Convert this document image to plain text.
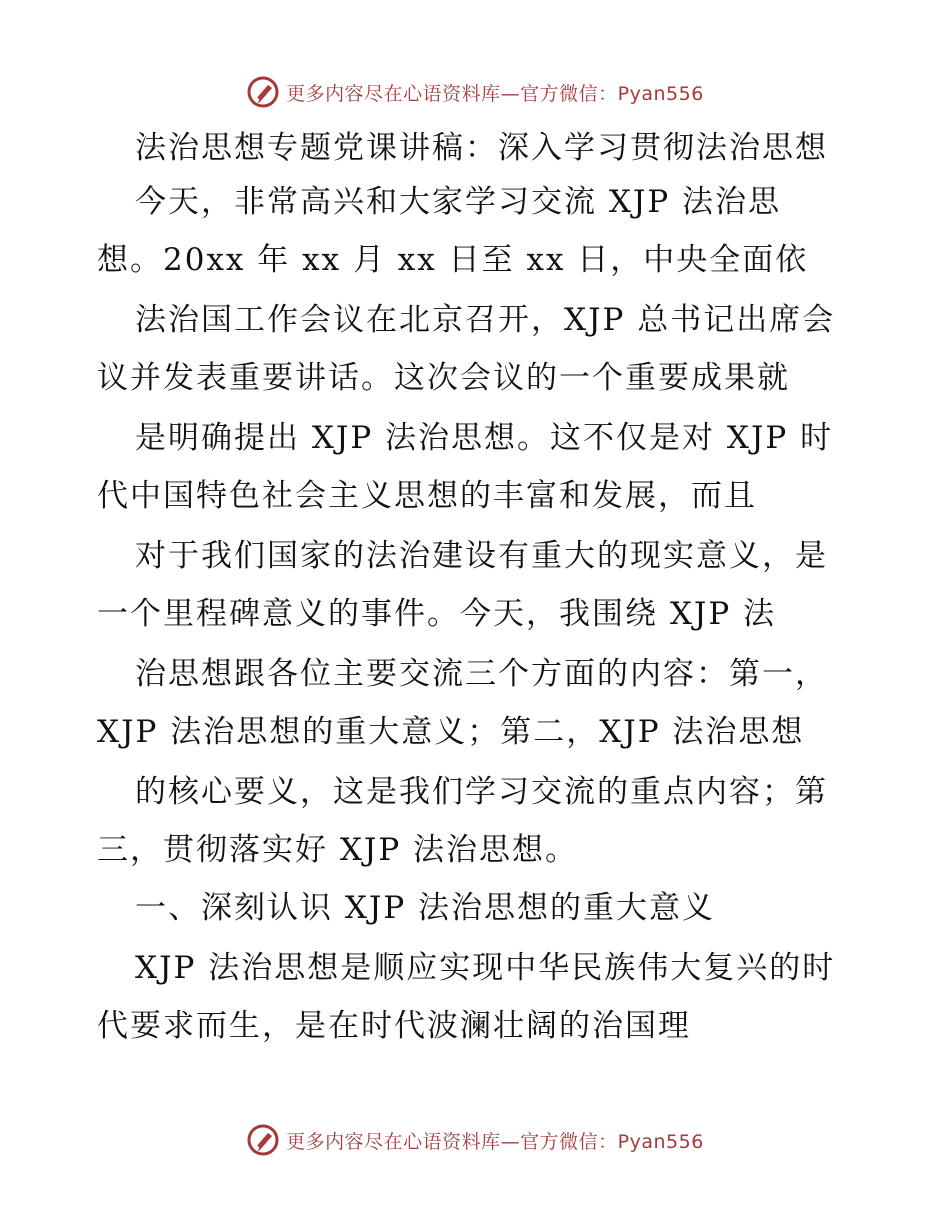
更多内容尽在心语资料库—官方微信：Pyan556
法治思想专题党课讲稿：深入学习贯彻法治思想
今天，非常高兴和大家学习交流 XJP 法治思
想。20xx 年 xx 月 xx 日至 xx 日，中央全面依
法治国工作会议在北京召开，XJP 总书记出席会
议并发表重要讲话。这次会议的一个重要成果就
是明确提出 XJP 法治思想。这不仅是对 XJP 时
代中国特色社会主义思想的丰富和发展，而且
对于我们国家的法治建设有重大的现实意义，是
一个里程碑意义的事件。今天，我围绕 XJP 法
治思想跟各位主要交流三个方面的内容：第一，
XJP 法治思想的重大意义；第二，XJP 法治思想
的核心要义，这是我们学习交流的重点内容；第
三，贯彻落实好 XJP 法治思想。
一、深刻认识 XJP 法治思想的重大意义
XJP 法治思想是顺应实现中华民族伟大复兴的时
代要求而生，是在时代波澜壮阔的治国理
更多内容尽在心语资料库—官方微信：Pyan556
